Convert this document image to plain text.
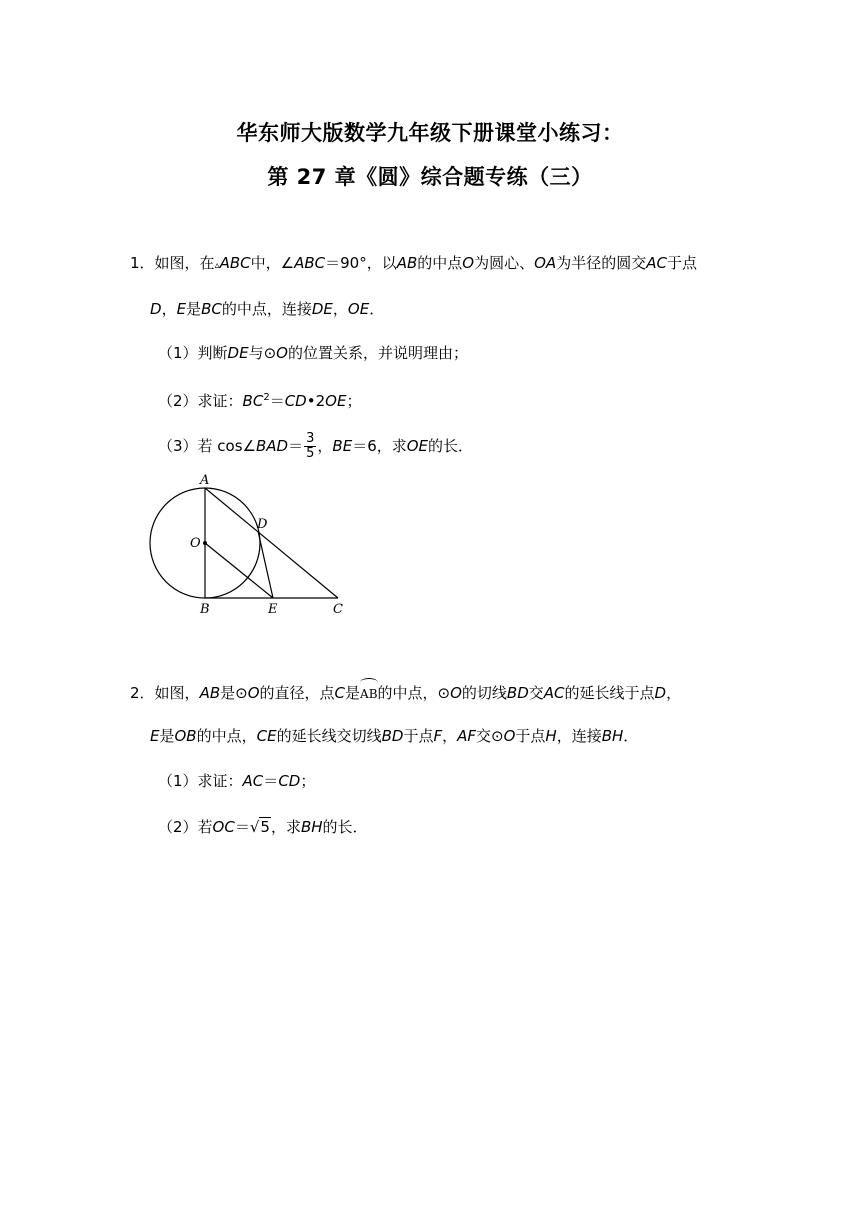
华东师大版数学九年级下册课堂小练习：
第 27 章《圆》综合题专练（三）
1．如图，在▵ABC中，∠ABC＝90°，以AB的中点O为圆心、OA为半径的圆交AC于点
D，E是BC的中点，连接DE，OE．
（1）判断DE与⊙O的位置关系，并说明理由；
（2）求证：$BC^2=CD•2OE$；
（3）若 cos∠BAD＝ $\frac{3}{5}$ ，BE＝6，求OE的长．
A
D
O
B	E	C
2．如图，AB是⊙O的直径，点C是AB的中点，⊙O的切线BD交AC的延长线于点D，
E是OB的中点，CE的延长线交切线BD于点F，AF交⊙O于点H，连接BH．
（1）求证：AC＝CD；
（2）若OC＝√5，求BH的长．
